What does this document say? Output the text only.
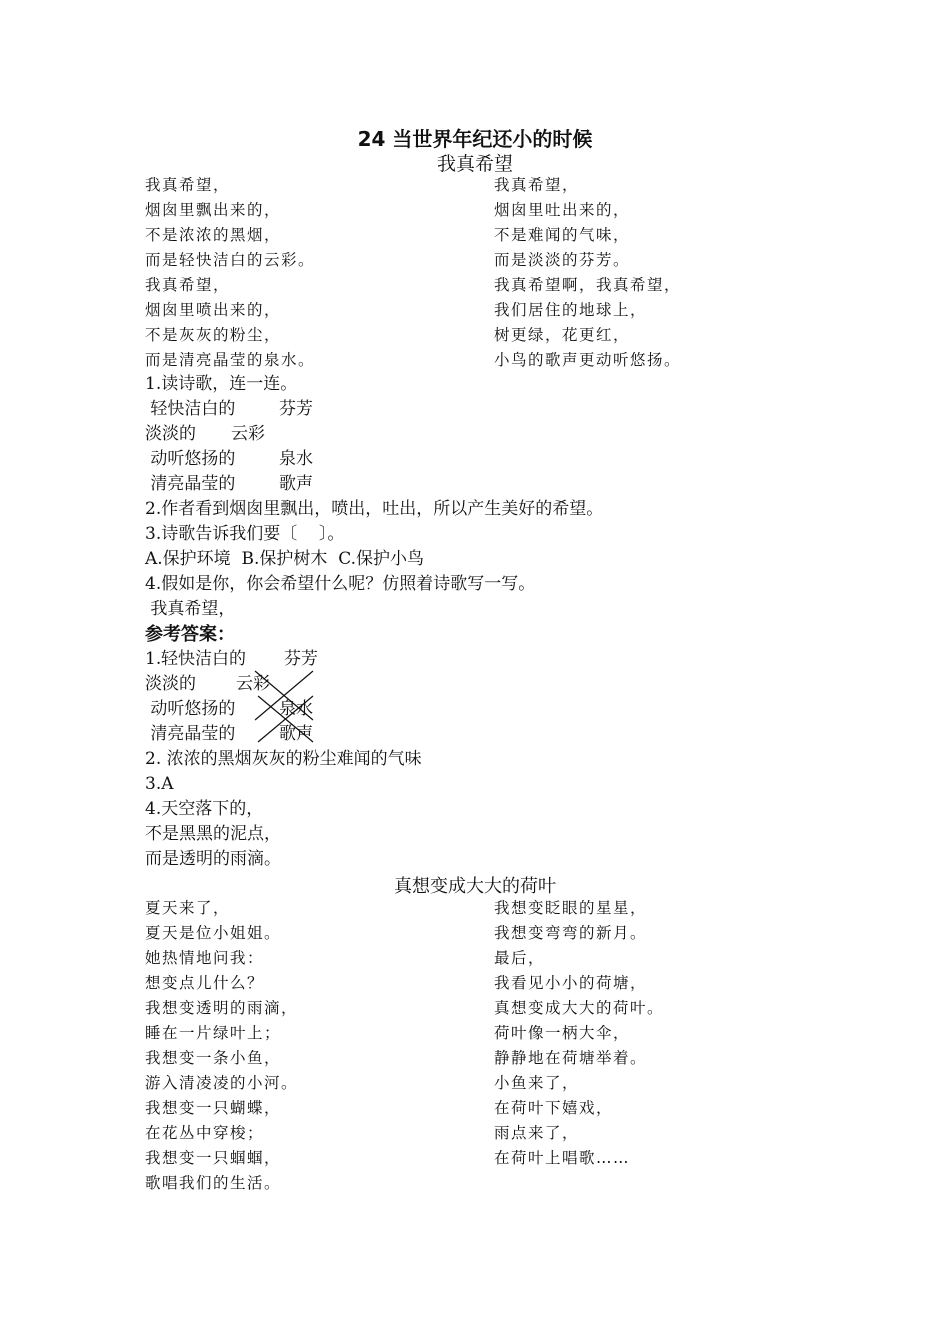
24 当世界年纪还小的时候
我真希望
我真希望，
烟囱里飘出来的，
不是浓浓的黑烟，
而是轻快洁白的云彩。
我真希望，
烟囱里喷出来的，
不是灰灰的粉尘，
而是清亮晶莹的泉水。
我真希望，
烟囱里吐出来的，
不是难闻的气味，
而是淡淡的芬芳。
我真希望啊，我真希望，
我们居住的地球上，
树更绿，花更红，
小鸟的歌声更动听悠扬。
1.读诗歌，连一连。
轻快洁白的	芬芳
淡淡的 云彩
动听悠扬的	泉水
清亮晶莹的	歌声
2.作者看到烟囱里飘出，喷出，吐出，所以产生美好的希望。
3.诗歌告诉我们要〔    〕。
A.保护环境  B.保护树木  C.保护小鸟
4.假如是你，你会希望什么呢？仿照着诗歌写一写。
我真希望，
参考答案：
1. 轻快洁白的 芬芳
淡淡的 云彩
动听悠扬的	泉水
清亮晶莹的	歌声
2. 浓浓的黑烟灰灰的粉尘难闻的气味
3.A
4.天空落下的，
不是黑黑的泥点，
而是透明的雨滴。
真想变成大大的荷叶
夏天来了，
夏天是位小姐姐。
她热情地问我：
想变点儿什么？
我想变透明的雨滴，
睡在一片绿叶上；
我想变一条小鱼，
游入清凌凌的小河。
我想变一只蝴蝶，
在花丛中穿梭；
我想变一只蝈蝈，
歌唱我们的生活。
我想变眨眼的星星，
我想变弯弯的新月。
最后，
我看见小小的荷塘，
真想变成大大的荷叶。
荷叶像一柄大伞，
静静地在荷塘举着。
小鱼来了，
在荷叶下嬉戏，
雨点来了，
在荷叶上唱歌……
